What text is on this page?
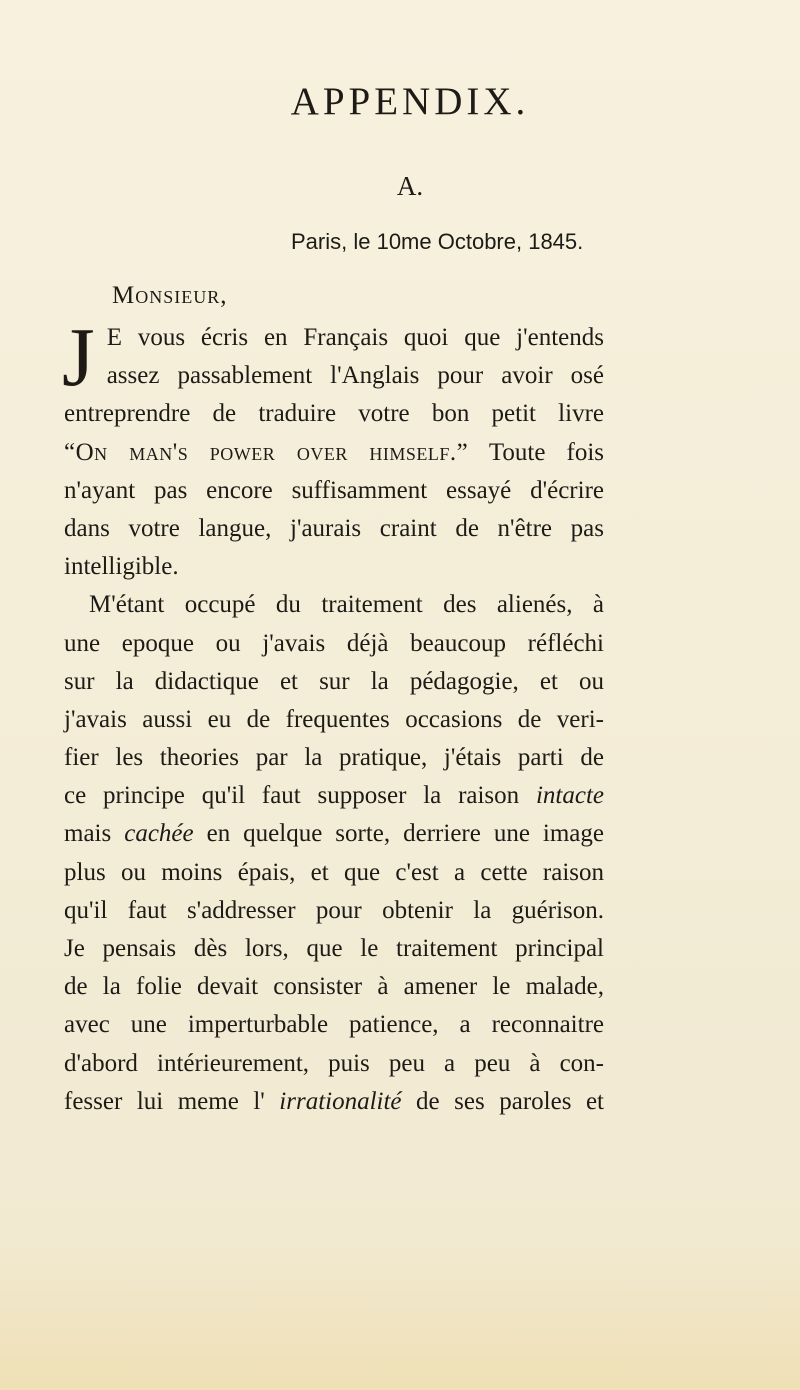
APPENDIX.
A.
Paris, le 10me Octobre, 1845.
Monsieur,
J E vous écris en Français quoi que j'entends
assez passablement l'Anglais pour avoir osé
entreprendre de traduire votre bon petit livre
“On man's power over himself.” Toute fois
n'ayant pas encore suffisamment essayé d'écrire
dans votre langue, j'aurais craint de n'être pas
intelligible.
M'étant occupé du traitement des alienés, à
une epoque ou j'avais déjà beaucoup réfléchi
sur la didactique et sur la pédagogie, et ou
j'avais aussi eu de frequentes occasions de veri-
fier les theories par la pratique, j'étais parti de
ce principe qu'il faut supposer la raison intacte
mais cachée en quelque sorte, derriere une image
plus ou moins épais, et que c'est a cette raison
qu'il faut s'addresser pour obtenir la guérison.
Je pensais dès lors, que le traitement principal
de la folie devait consister à amener le malade,
avec une imperturbable patience, a reconnaitre
d'abord intérieurement, puis peu a peu à con-
fesser lui meme l' irrationalité de ses paroles et
